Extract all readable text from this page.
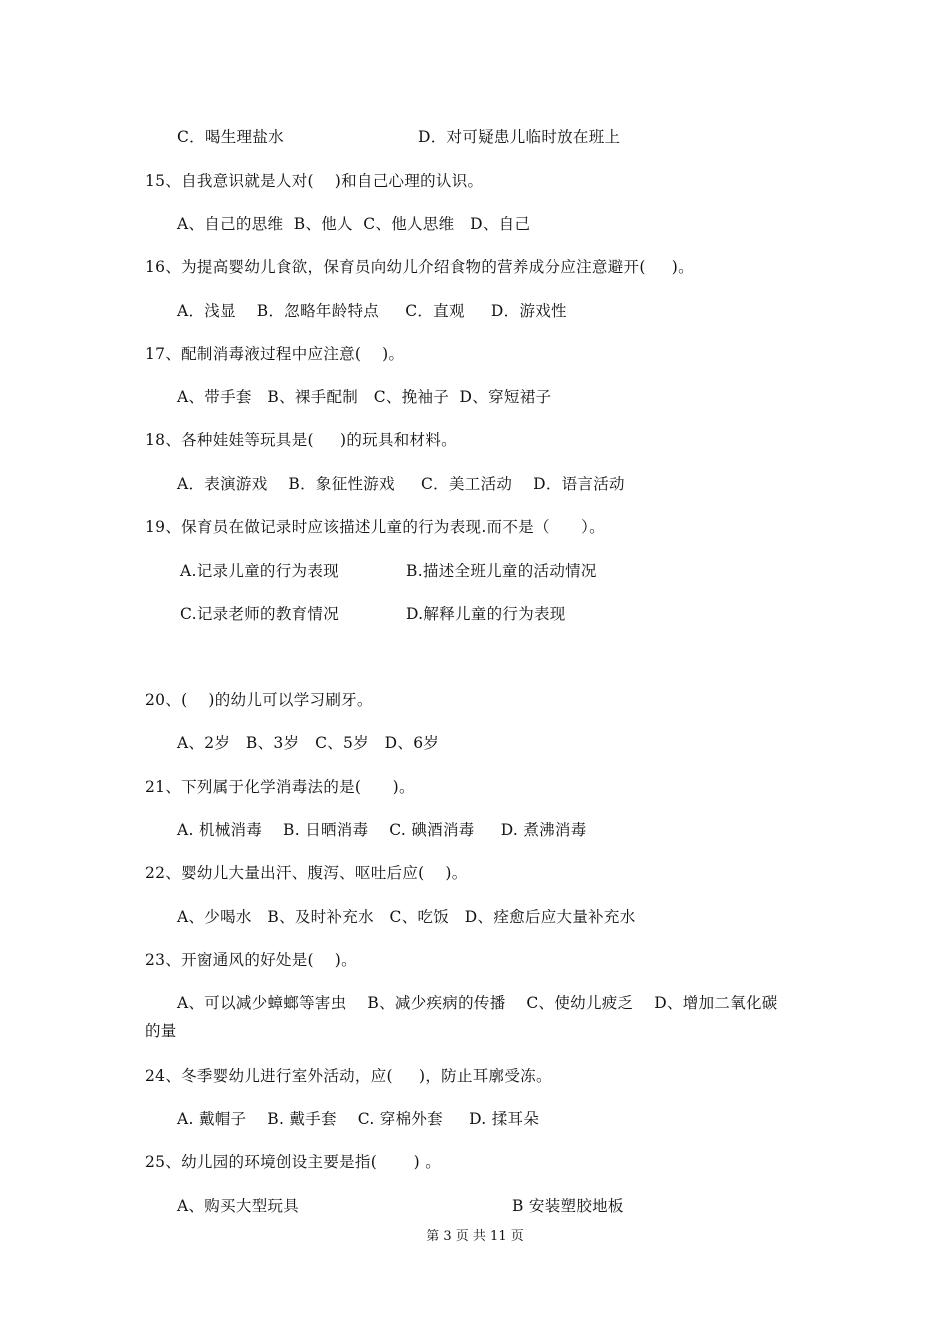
C．喝生理盐水	D．对可疑患儿临时放在班上
15、自我意识就是人对(    )和自己心理的认识。
A、自己的思维  B、他人  C、他人思维   D、自己
16、为提高婴幼儿食欲，保育员向幼儿介绍食物的营养成分应注意避开(     )。
A．浅显    B．忽略年龄特点     C．直观     D．游戏性
17、配制消毒液过程中应注意(    )。
A、带手套   B、裸手配制   C、挽袖子  D、穿短裙子
18、各种娃娃等玩具是(     )的玩具和材料。
A．表演游戏    B．象征性游戏     C．美工活动    D．语言活动
19、保育员在做记录时应该描述儿童的行为表现.而不是（      ）。
A.记录儿童的行为表现	B.描述全班儿童的活动情况
C.记录老师的教育情况	D.解释儿童的行为表现
20、(    )的幼儿可以学习刷牙。
A、2岁   B、3岁   C、5岁   D、6岁
21、下列属于化学消毒法的是(      )。
A. 机械消毒    B. 日晒消毒    C. 碘酒消毒     D. 煮沸消毒
22、婴幼儿大量出汗、腹泻、呕吐后应(    )。
A、少喝水   B、及时补充水   C、吃饭   D、痊愈后应大量补充水
23、开窗通风的好处是(    )。
A、可以减少蟑螂等害虫    B、减少疾病的传播    C、使幼儿疲乏    D、增加二氧化碳
的量
24、冬季婴幼儿进行室外活动，应(     )，防止耳廓受冻。
A. 戴帽子    B. 戴手套    C. 穿棉外套     D. 揉耳朵
25、幼儿园的环境创设主要是指(       ) 。
A、购买大型玩具	B 安装塑胶地板
第 3 页 共 11 页
